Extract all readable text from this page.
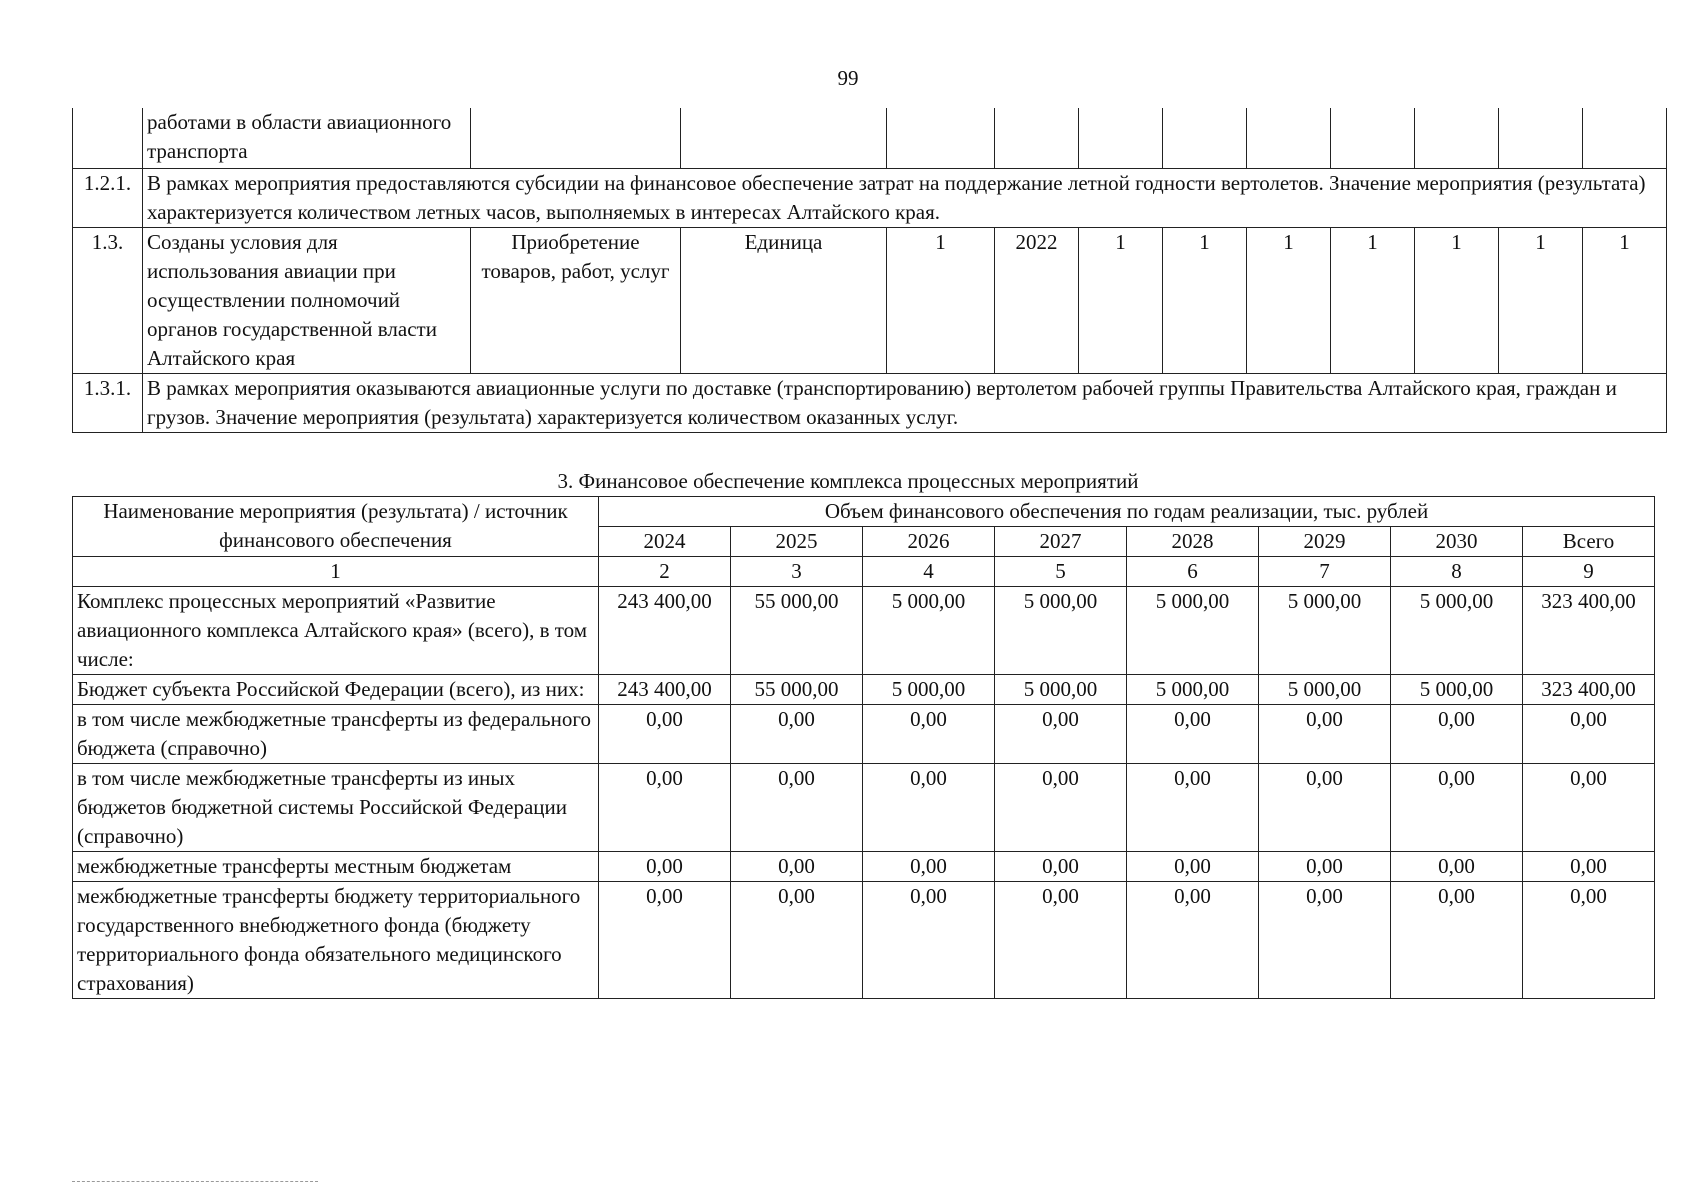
99
	работами в области авиационного транспорта											
1.2.1.	В рамках мероприятия предоставляются субсидии на финансовое обеспечение затрат на поддержание летной годности вертолетов. Значение мероприятия (результата) характеризуется количеством летных часов, выполняемых в интересах Алтайского края.											
1.3.	Созданы условия для использования авиации при осуществлении полномочий органов государственной власти Алтайского края	Приобретение товаров, работ, услуг	Единица	1	2022	1	1	1	1	1	1	1
1.3.1.	В рамках мероприятия оказываются авиационные услуги по доставке (транспортированию) вертолетом рабочей группы Правительства Алтайского края, граждан и грузов. Значение мероприятия (результата) характеризуется количеством оказанных услуг.											
3. Финансовое обеспечение комплекса процессных мероприятий
Наименование мероприятия (результата) / источник финансового обеспечения	Объем финансового обеспечения по годам реализации, тыс. рублей							
	2024	2025	2026	2027	2028	2029	2030	Всего
1	2	3	4	5	6	7	8	9
Комплекс процессных мероприятий «Развитие авиационного комплекса Алтайского края» (всего), в том числе:	243 400,00	55 000,00	5 000,00	5 000,00	5 000,00	5 000,00	5 000,00	323 400,00
Бюджет субъекта Российской Федерации (всего), из них:	243 400,00	55 000,00	5 000,00	5 000,00	5 000,00	5 000,00	5 000,00	323 400,00
в том числе межбюджетные трансферты из федерального бюджета (справочно)	0,00	0,00	0,00	0,00	0,00	0,00	0,00	0,00
в том числе межбюджетные трансферты из иных бюджетов бюджетной системы Российской Федерации (справочно)	0,00	0,00	0,00	0,00	0,00	0,00	0,00	0,00
межбюджетные трансферты местным бюджетам	0,00	0,00	0,00	0,00	0,00	0,00	0,00	0,00
межбюджетные трансферты бюджету территориального государственного внебюджетного фонда (бюджету территориального фонда обязательного медицинского страхования)	0,00	0,00	0,00	0,00	0,00	0,00	0,00	0,00
